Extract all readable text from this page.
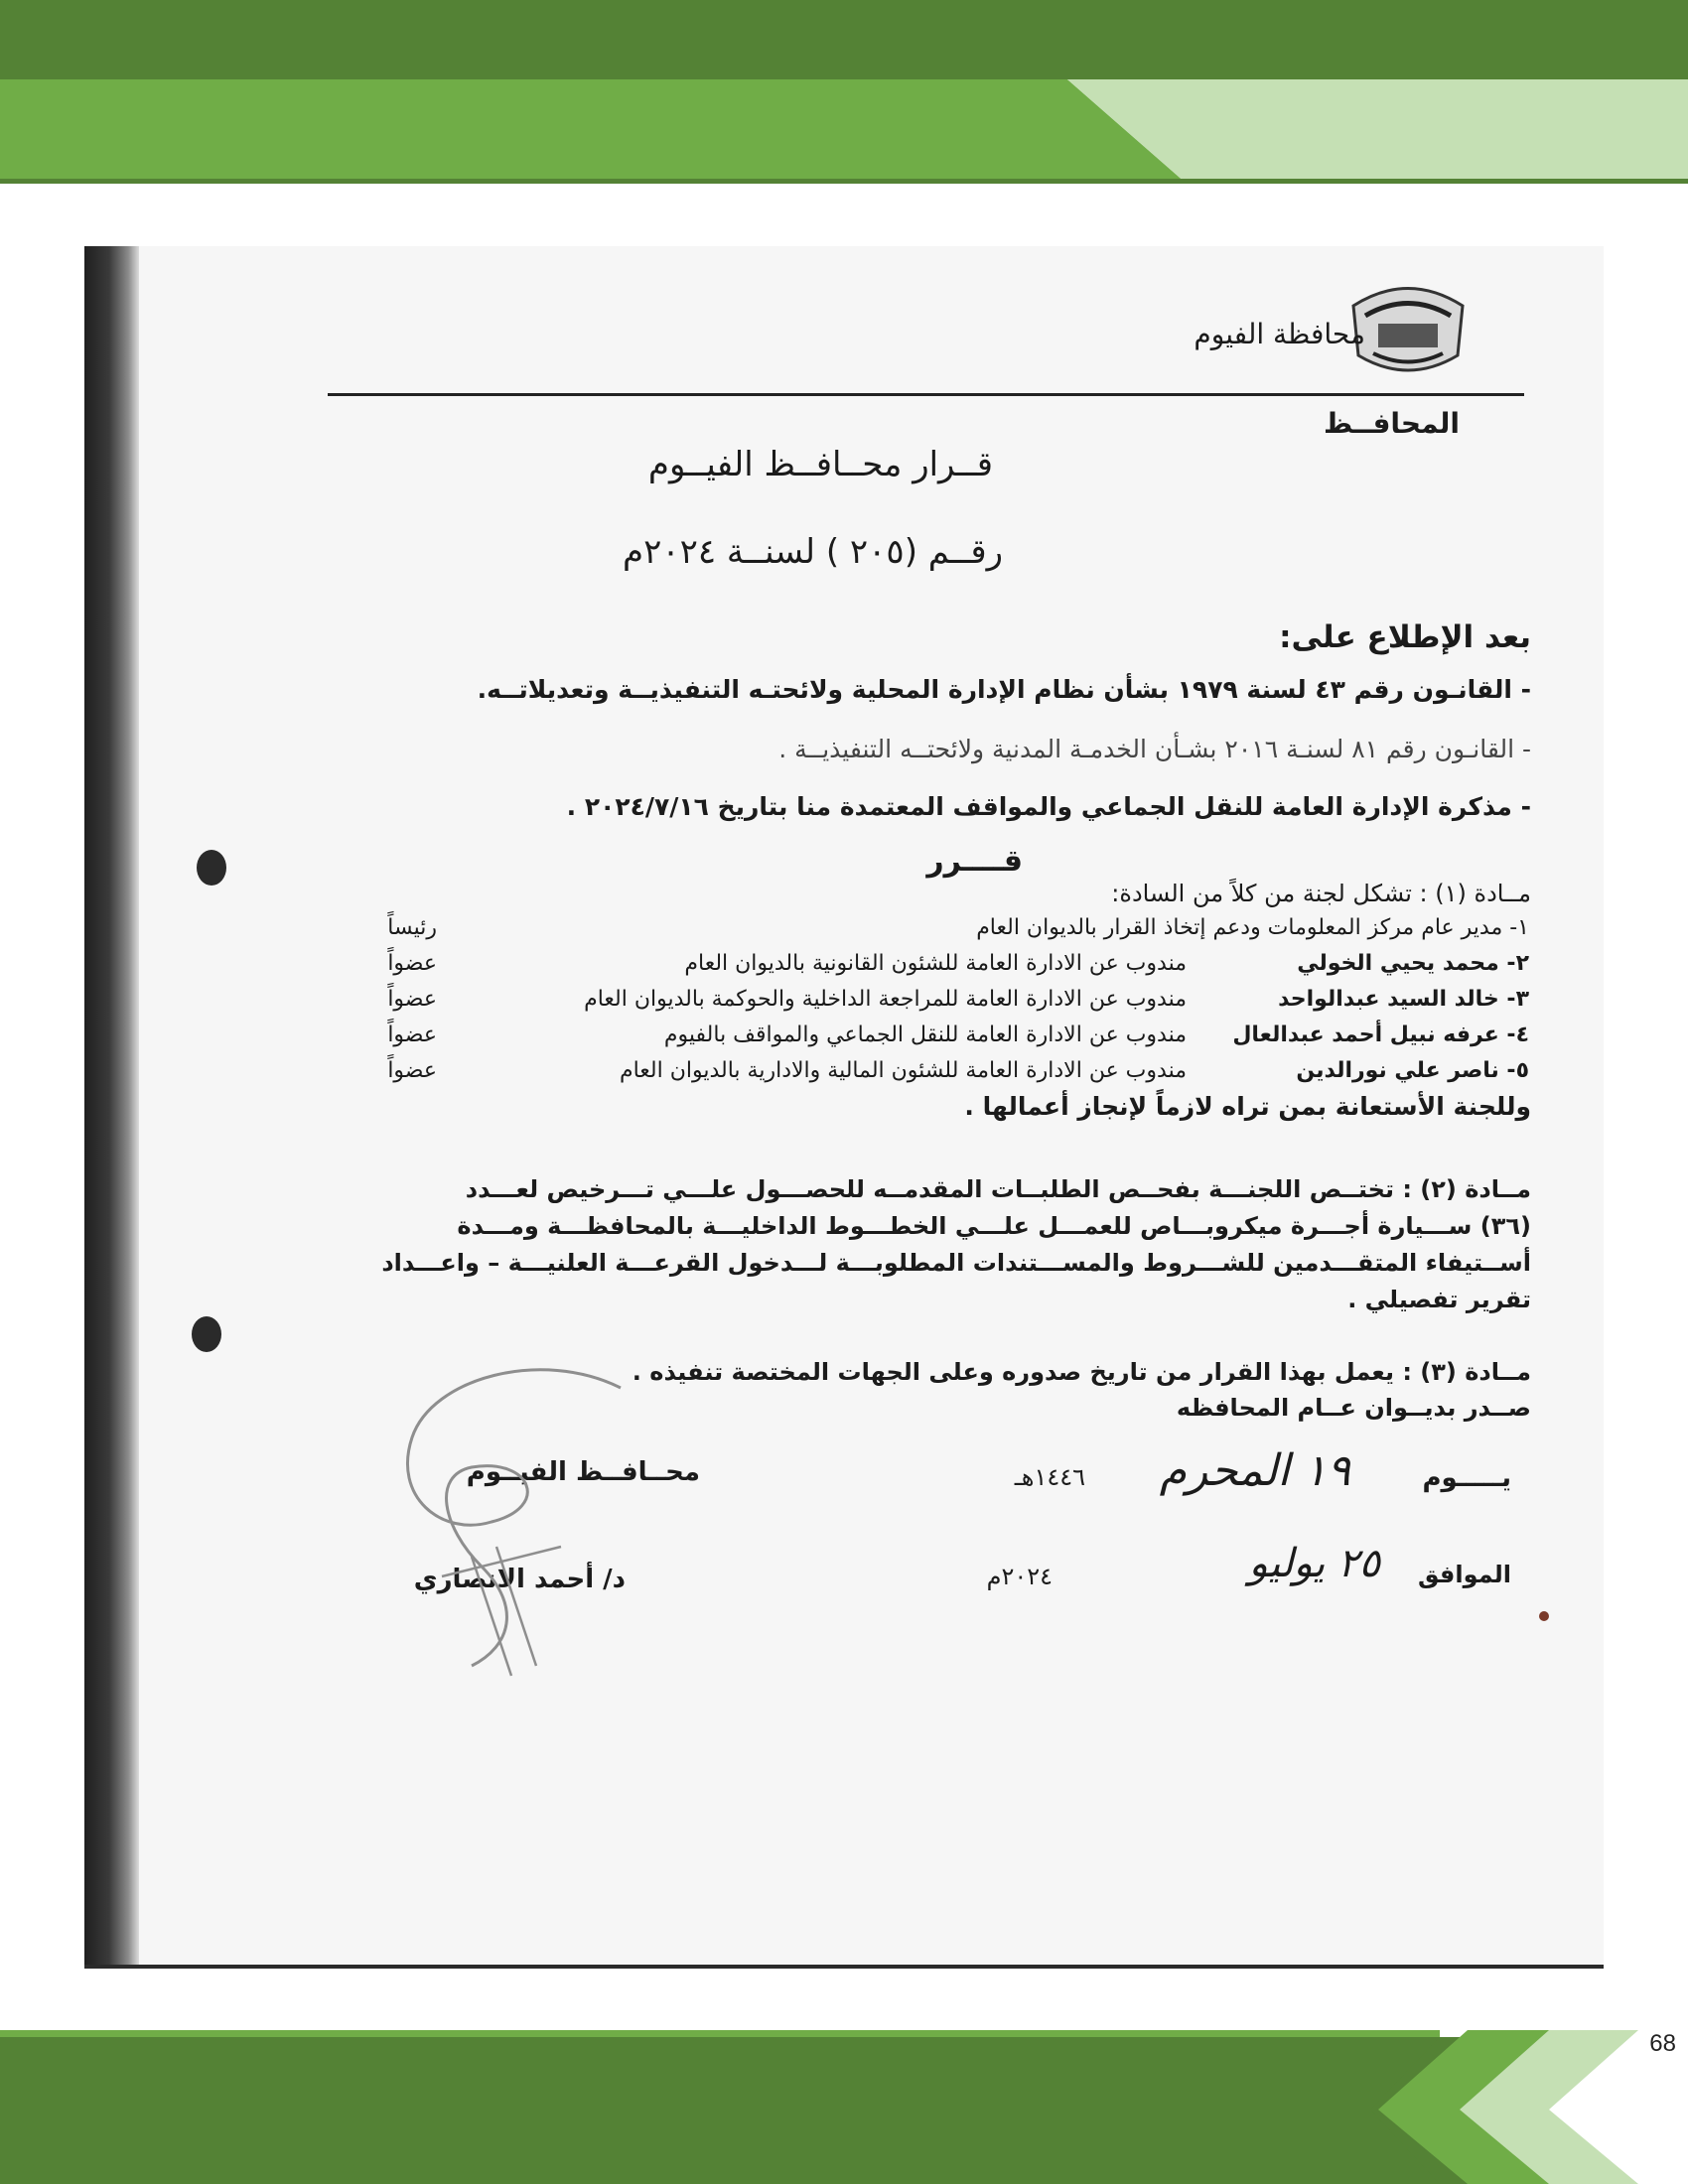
محافظة الفيوم
المحافــظ
قــرار محــافــظ الفيــوم
رقــم (٢٠٥ ) لسنــة ٢٠٢٤م
بعد الإطلاع على:
- القانـون رقم ٤٣ لسنة ١٩٧٩ بشأن نظام الإدارة المحلية ولائحتـه التنفيذيــة وتعديلاتــه.
- القانـون رقم ٨١ لسنـة ٢٠١٦ بشـأن الخدمـة المدنية ولائحتــه التنفيذيــة .
- مذكرة الإدارة العامة للنقل الجماعي والمواقف المعتمدة منا بتاريخ ٢٠٢٤/٧/١٦ .
قــــرر
مــادة (١) : تشكل لجنة من كلاً من السادة:
١- مدير عام مركز المعلومات ودعم إتخاذ القرار بالديوان العام
رئيساً
٢- محمد يحيي الخولي
مندوب عن الادارة العامة للشئون القانونية بالديوان العام
عضواً
٣- خالد السيد عبدالواحد
مندوب عن الادارة العامة للمراجعة الداخلية والحوكمة بالديوان العام
عضواً
٤- عرفه نبيل أحمد عبدالعال
مندوب عن الادارة العامة للنقل الجماعي والمواقف بالفيوم
عضواً
٥- ناصر علي نورالدين
مندوب عن الادارة العامة للشئون المالية والادارية بالديوان العام
عضواً
وللجنة الأستعانة بمن تراه لازماً لإنجاز أعمالها .
مــادة (٢) : تختــص اللجنـــة بفحــص الطلبــات المقدمــه للحصـــول علـــي تـــرخيص لعـــدد
(٣٦) ســـيارة أجـــرة ميكروبـــاص للعمـــل علـــي الخطـــوط الداخليـــة بالمحافظـــة ومـــدة
أســتيفاء المتقـــدمين للشـــروط والمســـتندات المطلوبـــة لـــدخول القرعـــة العلنيـــة – واعـــداد
تقرير تفصيلي .
مــادة (٣) : يعمل بهذا القرار من تاريخ صدوره وعلى الجهات المختصة تنفيذه .
صــدر بديــوان عــام المحافظه
يـــــوم
١٩ المحرم
١٤٤٦هـ
محــافــظ الفيــوم
الموافق
٢٥ يوليو
٢٠٢٤م
د/ أحمد الانصاري
68
